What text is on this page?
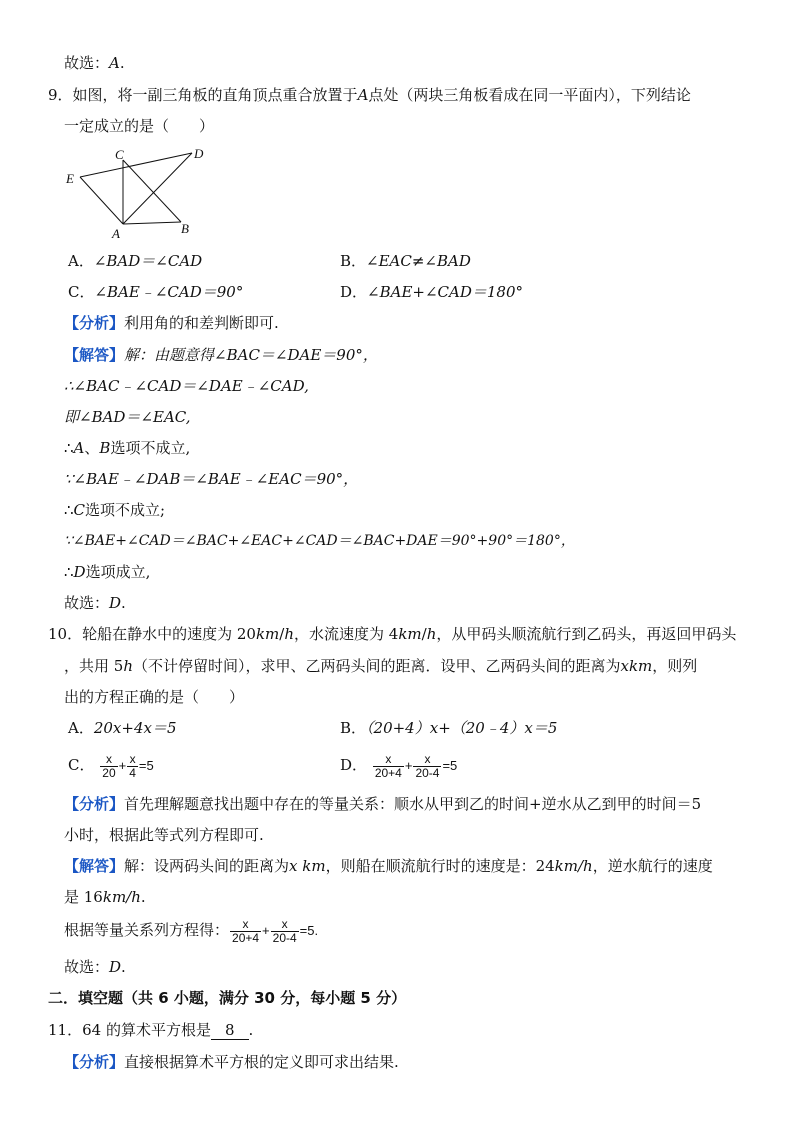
故选：A.
9．如图，将一副三角板的直角顶点重合放置于A点处（两块三角板看成在同一平面内），下列结论
一定成立的是（　　）
E
C	D
A	B
A．∠BAD＝∠CAD	B．∠EAC≠∠BAD
C．∠BAE﹣∠CAD＝90°	D．∠BAE+∠CAD＝180°
【分析】利用角的和差判断即可.
【解答】解：由题意得∠BAC＝∠DAE＝90°，
∴∠BAC﹣∠CAD＝∠DAE﹣∠CAD,
即∠BAD＝∠EAC,
∴A、B选项不成立,
∵∠BAE﹣∠DAB＝∠BAE﹣∠EAC＝90°，
∴C选项不成立;
∵∠BAE+∠CAD＝∠BAC+∠EAC+∠CAD＝∠BAC+DAE＝90°+90°＝180°，
∴D选项成立,
故选：D.
10．轮船在静水中的速度为 20km/h，水流速度为 4km/h，从甲码头顺流航行到乙码头，再返回甲码头
，共用 5h（不计停留时间），求甲、乙两码头间的距离．设甲、乙两码头间的距离为xkm，则列
出的方程正确的是（　　）
A．20x+4x＝5	B．（20+4）x+（20﹣4）x＝5
C． $\frac{x}{20} + \frac{x}{4} =5$	D． $\frac{x}{20+4} + \frac{x}{20-4} =5$
【分析】首先理解题意找出题中存在的等量关系：顺水从甲到乙的时间+逆水从乙到甲的时间＝5
小时，根据此等式列方程即可.
【解答】解：设两码头间的距离为x km，则船在顺流航行时的速度是：24km/h，逆水航行的速度
是 16km/h.
根据等量关系列方程得： $\frac{x}{20+4} + \frac{x}{20-4} =5$.
故选：D.
二．填空题（共 6 小题，满分 30 分，每小题 5 分）
11．64 的算术平方根是 8 .
【分析】直接根据算术平方根的定义即可求出结果.
